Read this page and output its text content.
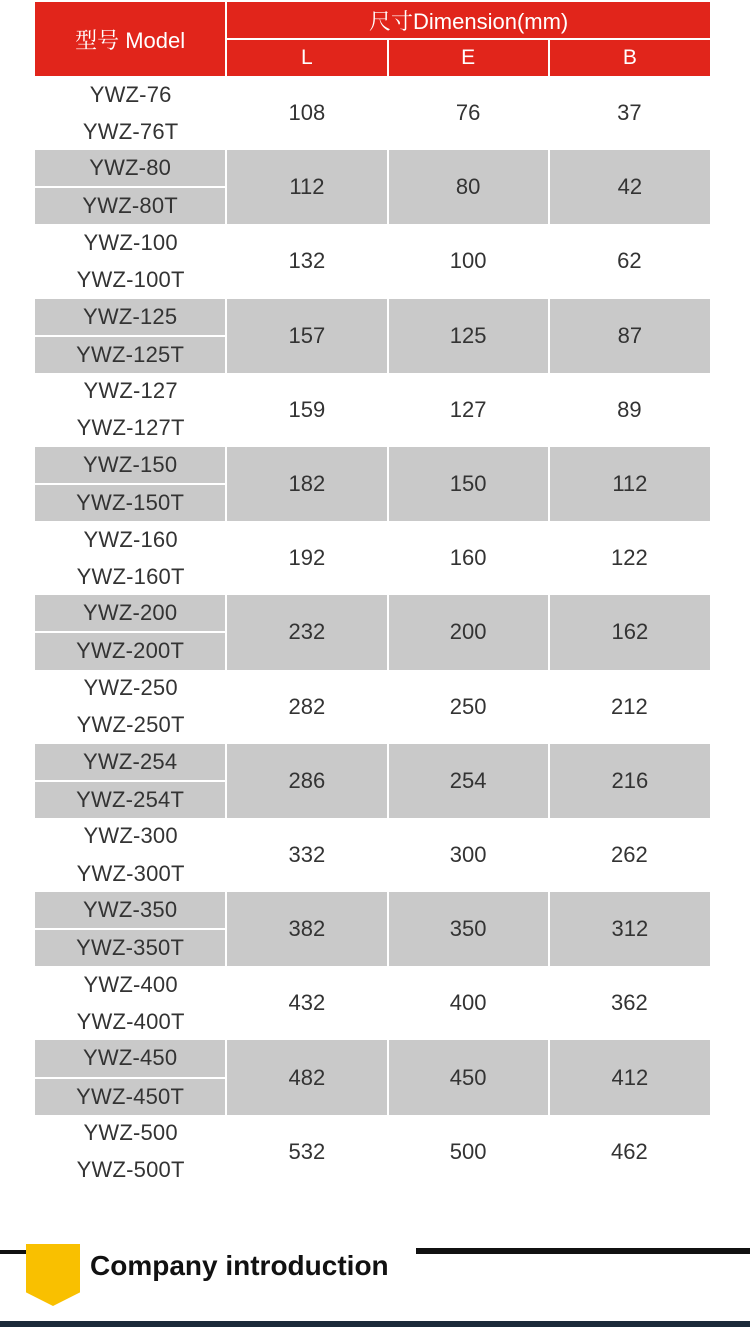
型号 Model	尺寸Dimension(mm)		
	L	E	B
YWZ-76	108	76	37
YWZ-76T			
YWZ-80	112	80	42
YWZ-80T			
YWZ-100	132	100	62
YWZ-100T			
YWZ-125	157	125	87
YWZ-125T			
YWZ-127	159	127	89
YWZ-127T			
YWZ-150	182	150	112
YWZ-150T			
YWZ-160	192	160	122
YWZ-160T			
YWZ-200	232	200	162
YWZ-200T			
YWZ-250	282	250	212
YWZ-250T			
YWZ-254	286	254	216
YWZ-254T			
YWZ-300	332	300	262
YWZ-300T			
YWZ-350	382	350	312
YWZ-350T			
YWZ-400	432	400	362
YWZ-400T			
YWZ-450	482	450	412
YWZ-450T			
YWZ-500	532	500	462
YWZ-500T			
Company introduction
